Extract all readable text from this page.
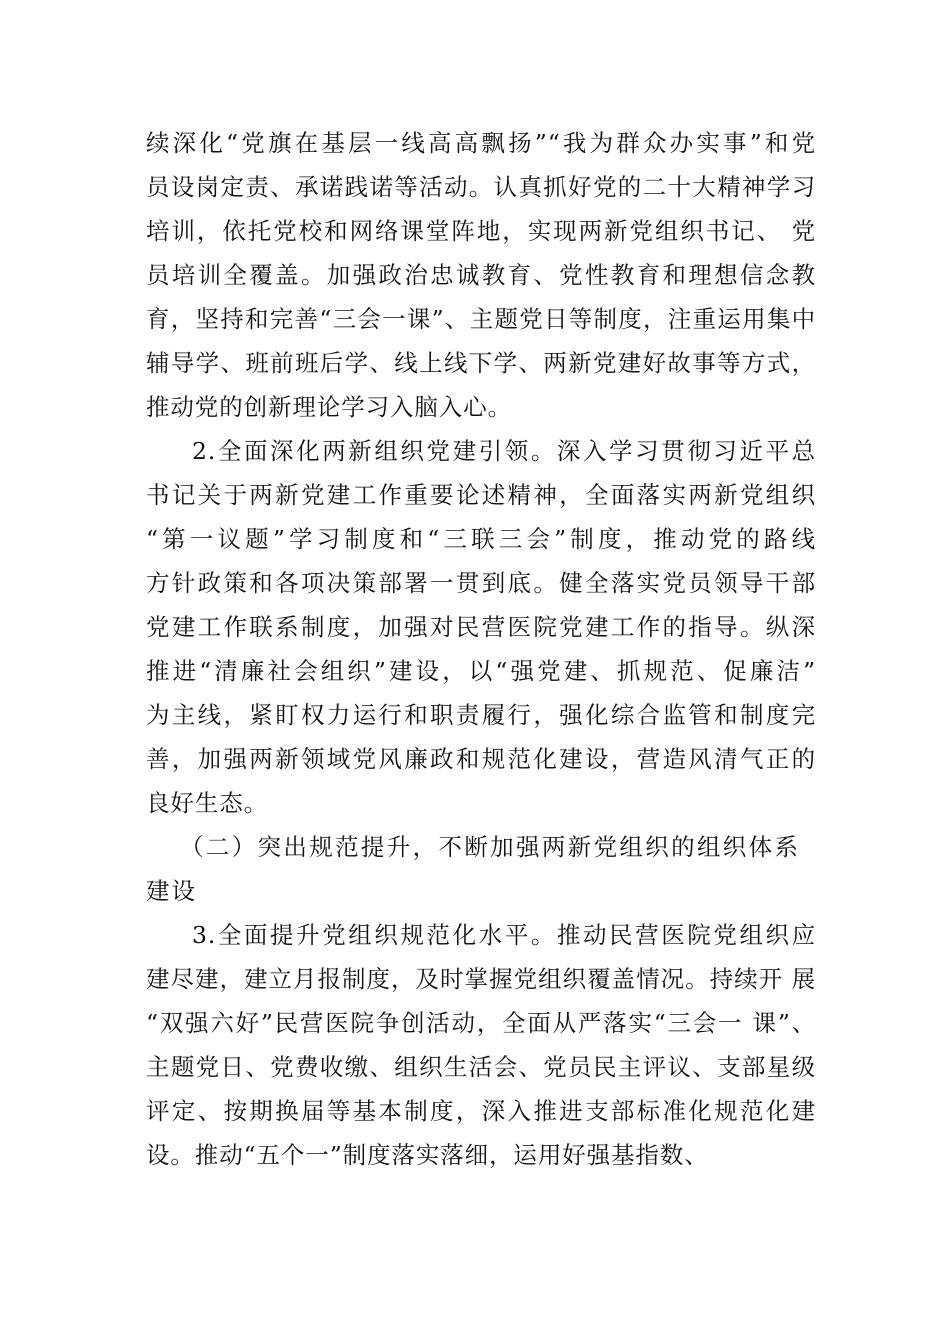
续深化“党旗在基层一线高高飘扬”“我为群众办实事”和党
员设岗定责、承诺践诺等活动。认真抓好党的二十大精神学习
培训，依托党校和网络课堂阵地，实现两新党组织书记、 党
员培训全覆盖。加强政治忠诚教育、党性教育和理想信念教
育，坚持和完善“三会一课”、主题党日等制度，注重运用集中
辅导学、班前班后学、线上线下学、两新党建好故事等方式，
推动党的创新理论学习入脑入心。
2.全面深化两新组织党建引领。深入学习贯彻习近平总
书记关于两新党建工作重要论述精神，全面落实两新党组织
“第一议题”学习制度和“三联三会”制度，推动党的路线
方针政策和各项决策部署一贯到底。健全落实党员领导干部
党建工作联系制度，加强对民营医院党建工作的指导。纵深
推进“清廉社会组织”建设，以“强党建、抓规范、促廉洁”
为主线，紧盯权力运行和职责履行，强化综合监管和制度完
善，加强两新领域党风廉政和规范化建设，营造风清气正的
良好生态。
（二）突出规范提升，不断加强两新党组织的组织体系
建设
3.全面提升党组织规范化水平。推动民营医院党组织应
建尽建，建立月报制度，及时掌握党组织覆盖情况。持续开 展
“双强六好”民营医院争创活动，全面从严落实“三会一 课”、
主题党日、党费收缴、组织生活会、党员民主评议、支部星级
评定、按期换届等基本制度，深入推进支部标准化规范化建
设。推动“五个一”制度落实落细，运用好强基指数、
